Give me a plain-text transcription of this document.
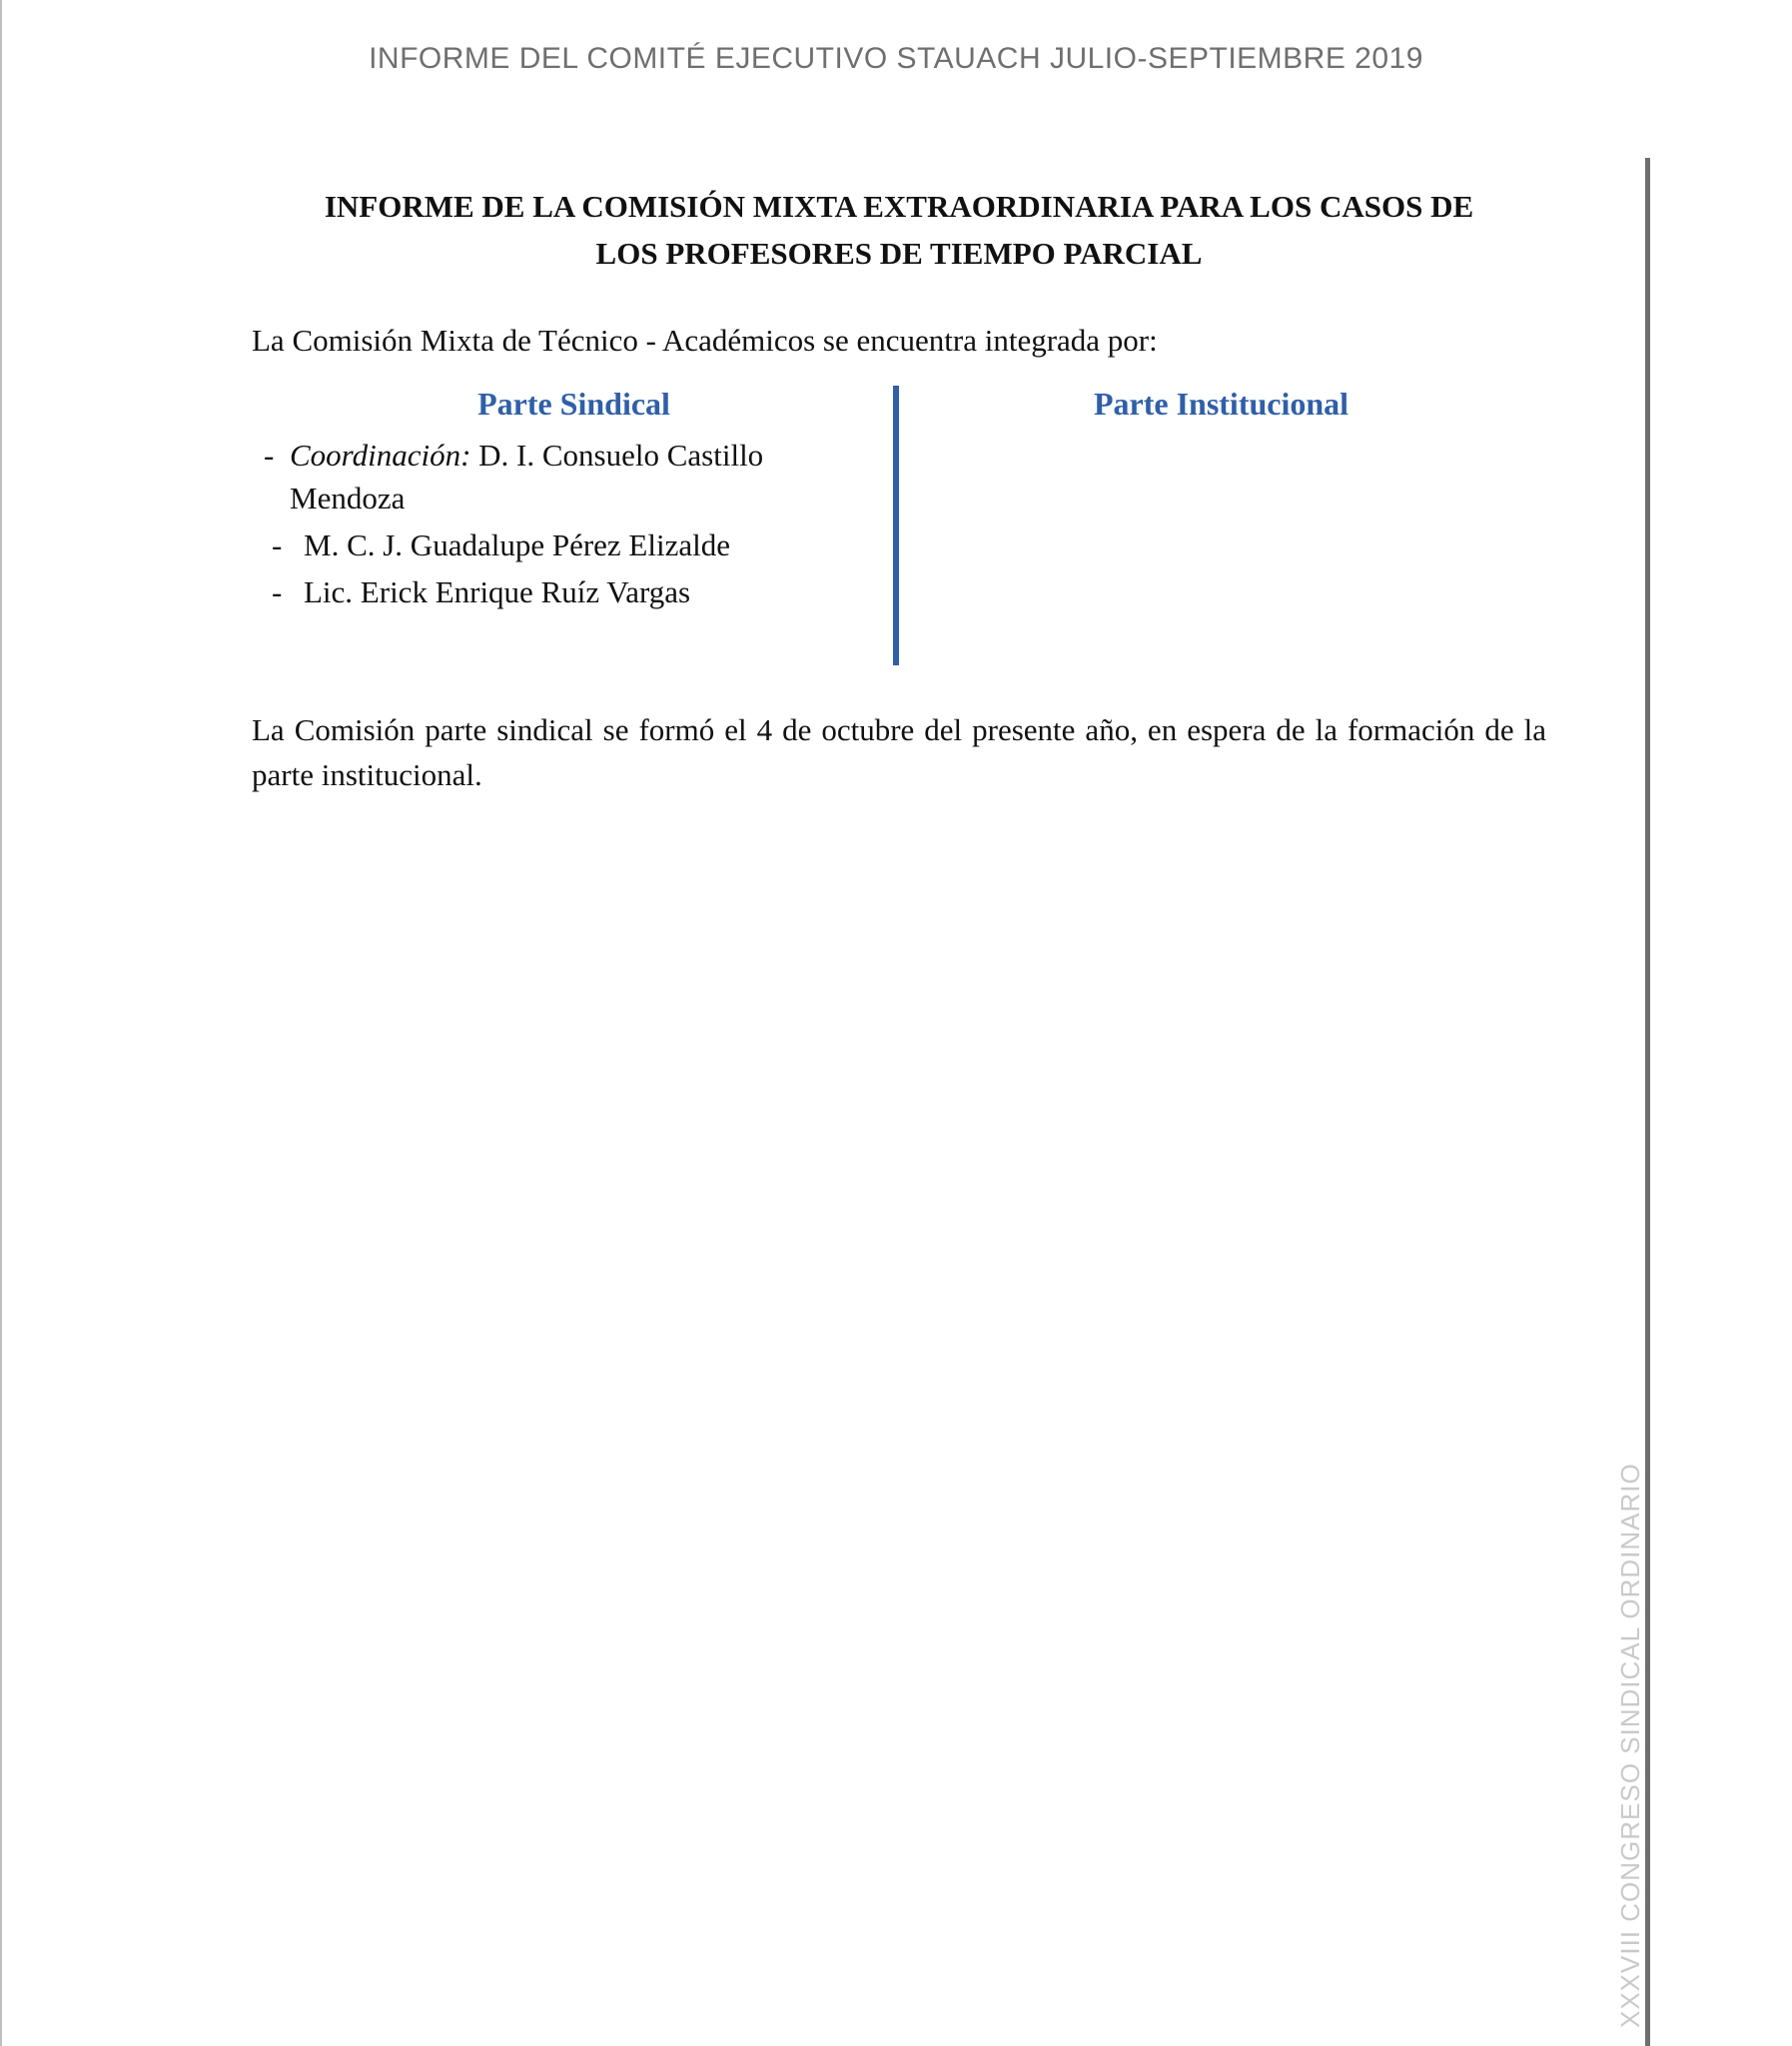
INFORME DEL COMITÉ EJECUTIVO STAUACH JULIO-SEPTIEMBRE 2019
XXXVIII CONGRESO SINDICAL ORDINARIO
INFORME DE LA COMISIÓN MIXTA EXTRAORDINARIA PARA LOS CASOS DE
LOS PROFESORES DE TIEMPO PARCIAL
La Comisión Mixta de Técnico - Académicos se encuentra integrada por:
Parte Sindical	Parte Institucional
- Coordinación: D. I. Consuelo Castillo Mendoza
- M. C. J. Guadalupe Pérez Elizalde
- Lic. Erick Enrique Ruíz Vargas
La Comisión parte sindical se formó el 4 de octubre del presente año, en espera de la formación de la parte institucional.
